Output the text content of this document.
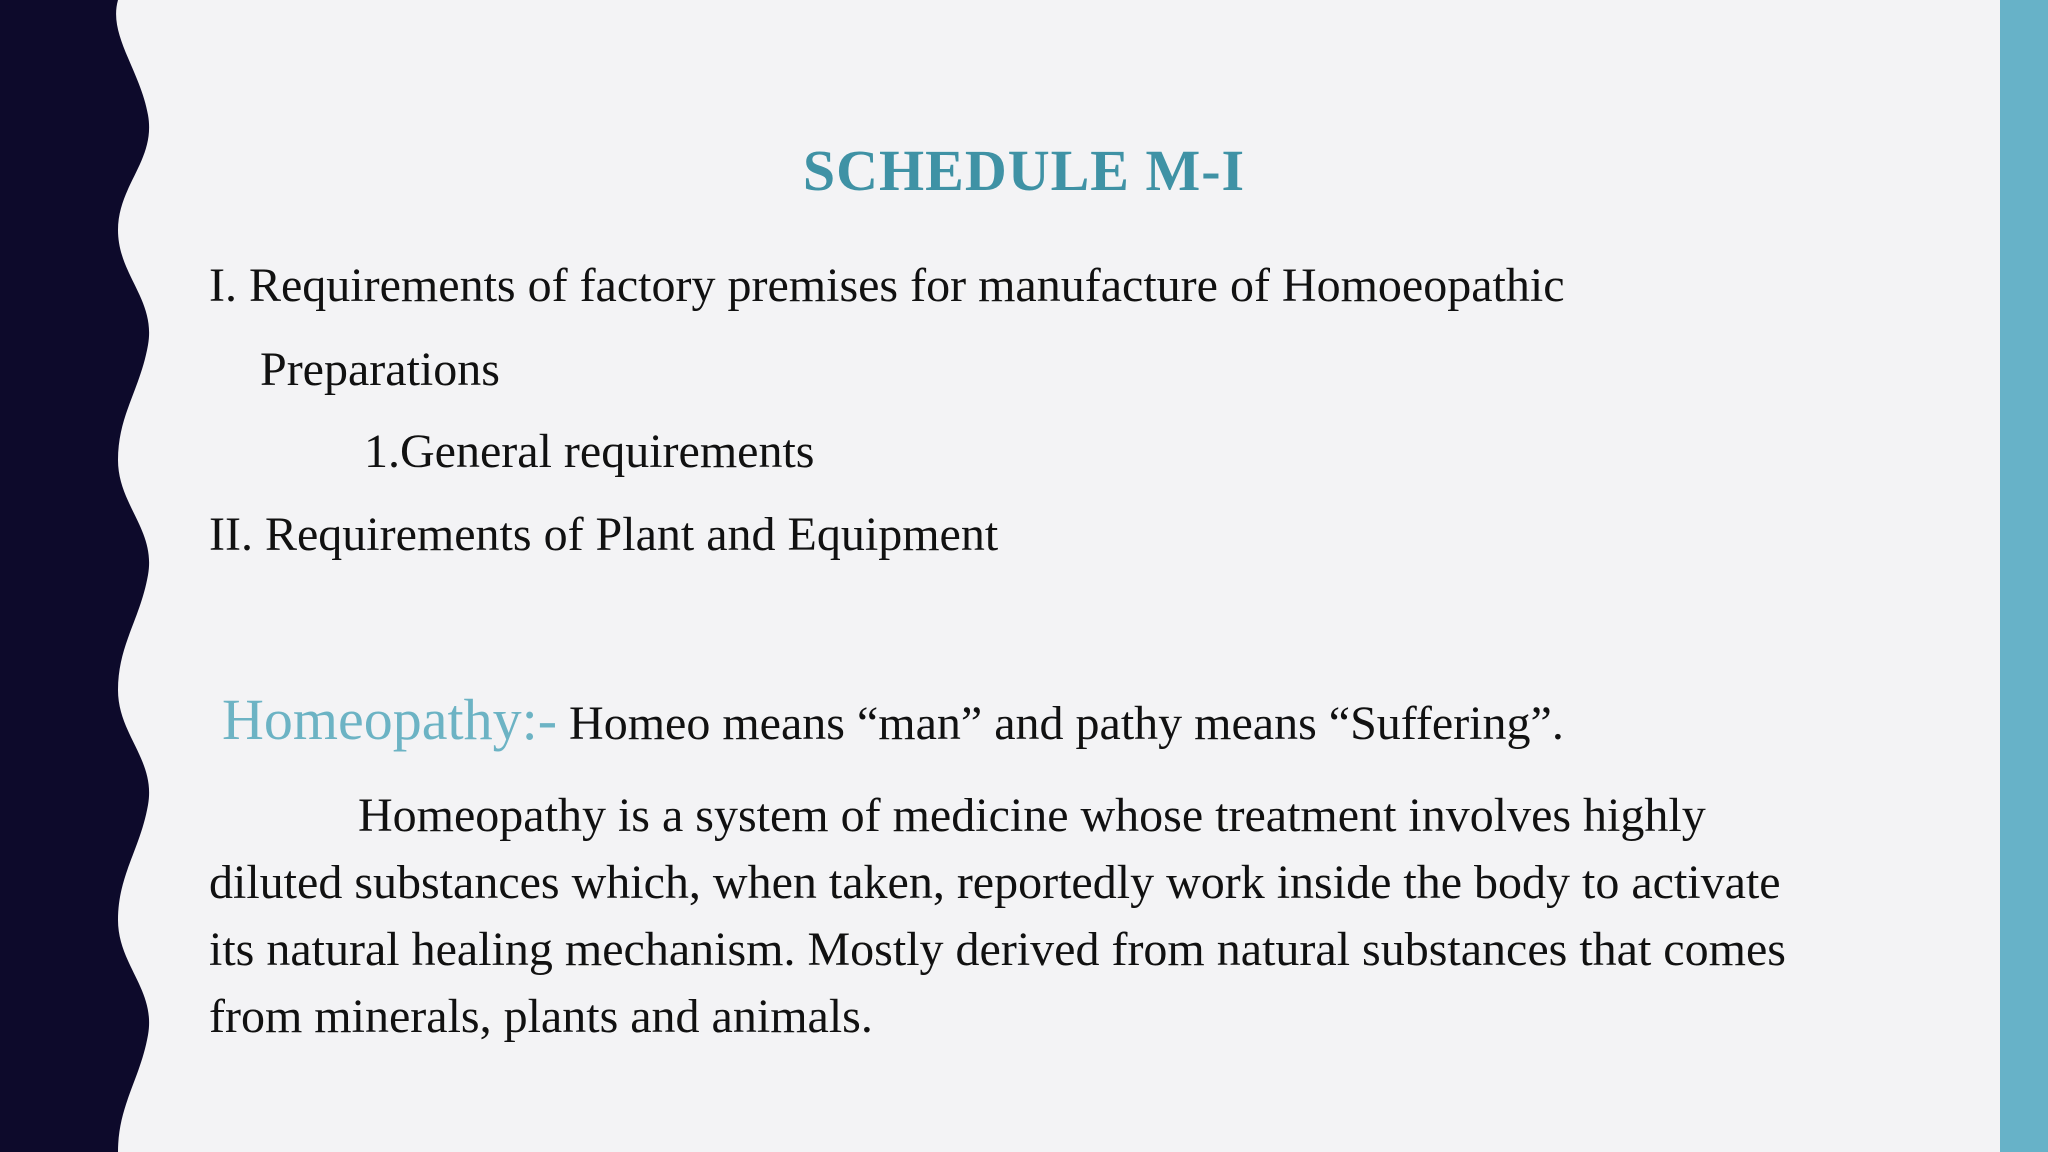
SCHEDULE M-I
I. Requirements of factory premises for manufacture of Homoeopathic
Preparations
1.General requirements
II. Requirements of Plant and Equipment
Homeopathy:- Homeo means “man” and pathy means “Suffering”.
Homeopathy is a system of medicine whose treatment involves highly
diluted substances which, when taken, reportedly work inside the body to activate
its natural healing mechanism. Mostly derived from natural substances that comes
from minerals, plants and animals.
